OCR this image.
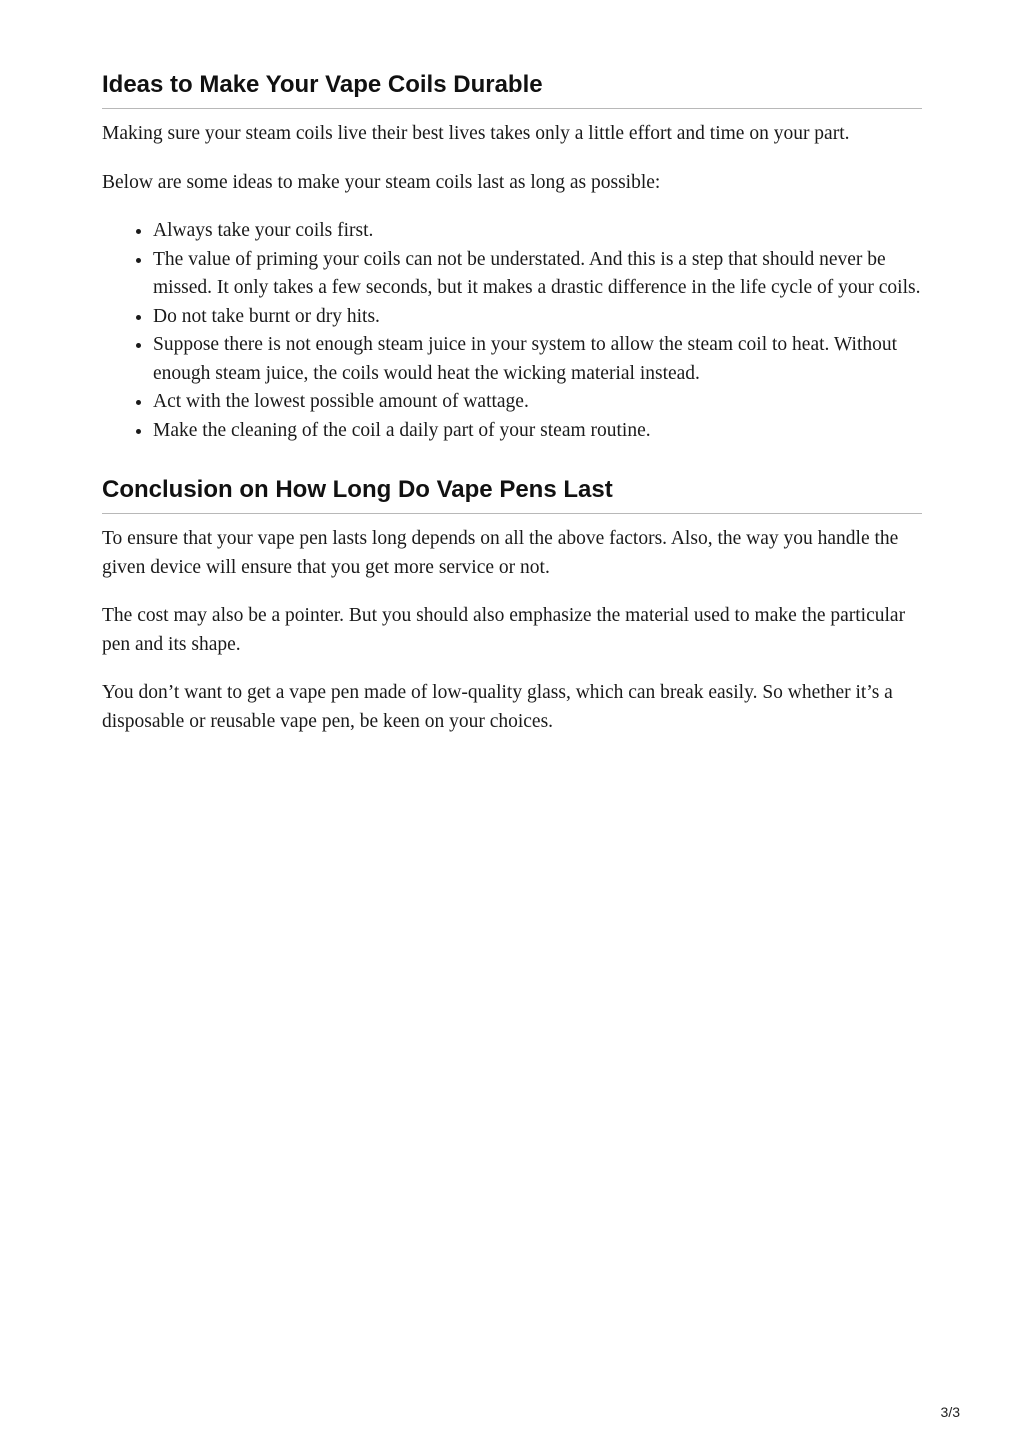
Ideas to Make Your Vape Coils Durable

Making sure your steam coils live their best lives takes only a little effort and time on your part.

Below are some ideas to make your steam coils last as long as possible:

• Always take your coils first.
• The value of priming your coils can not be understated. And this is a step that should never be missed. It only takes a few seconds, but it makes a drastic difference in the life cycle of your coils.
• Do not take burnt or dry hits.
• Suppose there is not enough steam juice in your system to allow the steam coil to heat. Without enough steam juice, the coils would heat the wicking material instead.
• Act with the lowest possible amount of wattage.
• Make the cleaning of the coil a daily part of your steam routine.
Conclusion on How Long Do Vape Pens Last

To ensure that your vape pen lasts long depends on all the above factors. Also, the way you handle the given device will ensure that you get more service or not.

The cost may also be a pointer. But you should also emphasize the material used to make the particular pen and its shape.

You don’t want to get a vape pen made of low-quality glass, which can break easily. So whether it’s a disposable or reusable vape pen, be keen on your choices.

3/3
